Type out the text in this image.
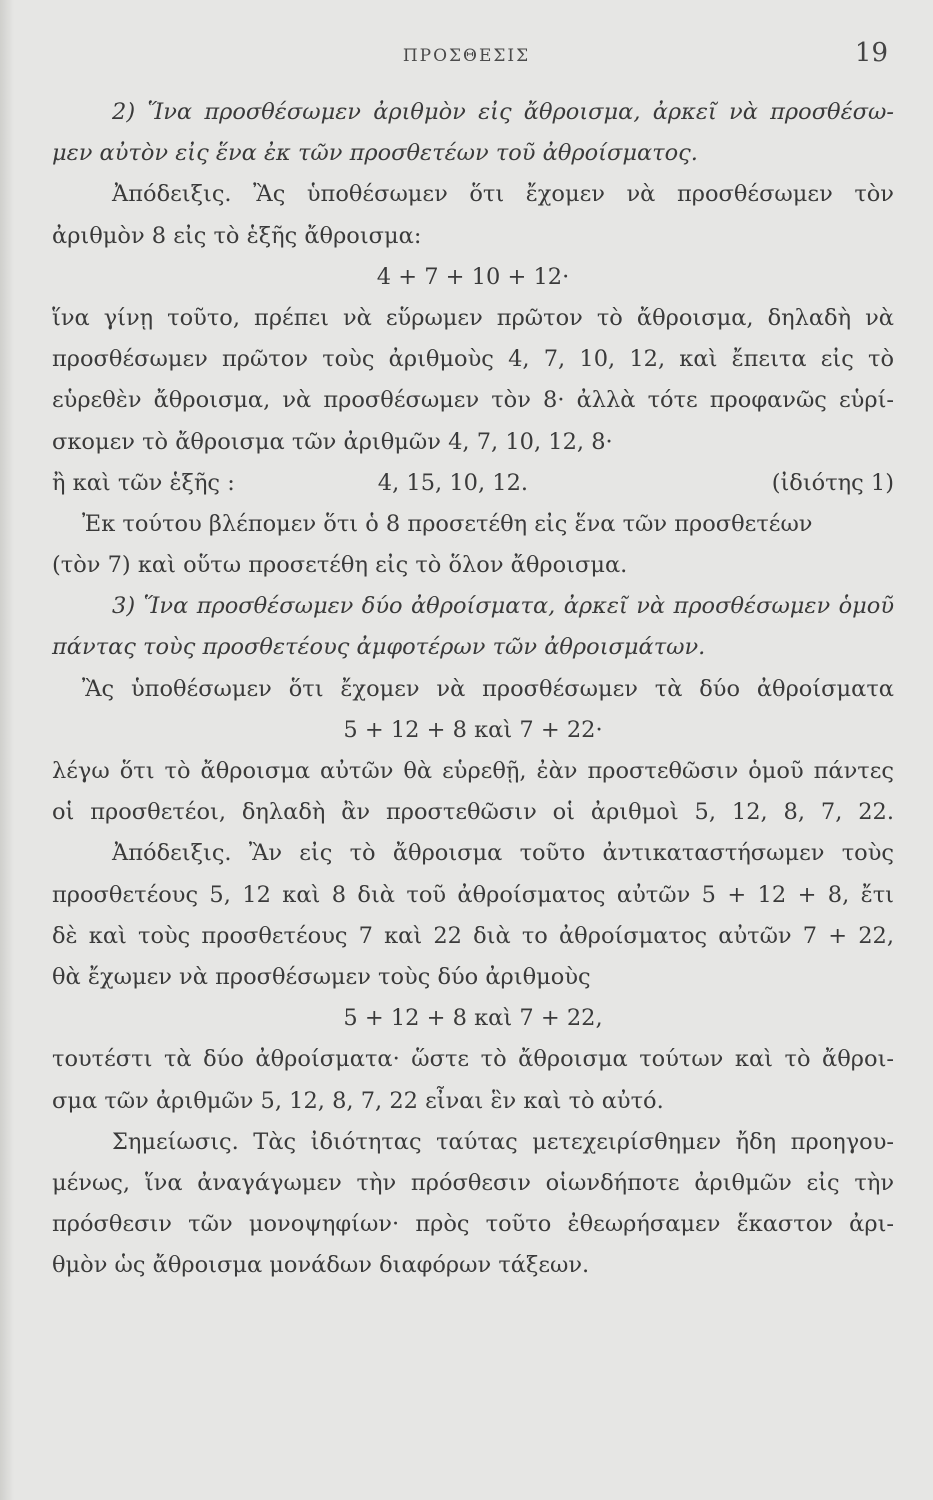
ΠΡΟΣΘΕΣΙΣ	19
2) Ἵνα προσθέσωμεν ἀριθμὸν εἰς ἄθροισμα, ἀρκεῖ νὰ προσθέσω-
μεν αὐτὸν εἰς ἕνα ἐκ τῶν προσθετέων τοῦ ἀθροίσματος.
Ἀπόδειξις. Ἂς ὑποθέσωμεν ὅτι ἔχομεν νὰ προσθέσωμεν τὸν
ἀριθμὸν 8 εἰς τὸ ἑξῆς ἄθροισμα:
4 + 7 + 10 + 12·
ἵνα γίνῃ τοῦτο, πρέπει νὰ εὕρωμεν πρῶτον τὸ ἄθροισμα, δηλαδὴ νὰ
προσθέσωμεν πρῶτον τοὺς ἀριθμοὺς 4, 7, 10, 12, καὶ ἔπειτα εἰς τὸ
εὑρεθὲν ἄθροισμα, νὰ προσθέσωμεν τὸν 8· ἀλλὰ τότε προφανῶς εὑρί-
σκομεν τὸ ἄθροισμα τῶν ἀριθμῶν 4, 7, 10, 12, 8·
(ἰδιότης 1)
ἢ καὶ τῶν ἑξῆς :                    4, 15, 10, 12.
Ἐκ τούτου βλέπομεν ὅτι ὁ 8 προσετέθη εἰς ἕνα τῶν προσθετέων
(τὸν 7) καὶ οὕτω προσετέθη εἰς τὸ ὅλον ἄθροισμα.
3) Ἵνα προσθέσωμεν δύο ἀθροίσματα, ἀρκεῖ νὰ προσθέσωμεν ὁμοῦ
πάντας τοὺς προσθετέους ἀμφοτέρων τῶν ἀθροισμάτων.
Ἂς ὑποθέσωμεν ὅτι ἔχομεν νὰ προσθέσωμεν τὰ δύο ἀθροίσματα
5 + 12 + 8 καὶ 7 + 22·
λέγω ὅτι τὸ ἄθροισμα αὐτῶν θὰ εὑρεθῇ, ἐὰν προστεθῶσιν ὁμοῦ πάντες
οἱ προσθετέοι, δηλαδὴ ἂν προστεθῶσιν οἱ ἀριθμοὶ 5, 12, 8, 7, 22.
Ἀπόδειξις. Ἂν εἰς τὸ ἄθροισμα τοῦτο ἀντικαταστήσωμεν τοὺς
προσθετέους 5, 12 καὶ 8 διὰ τοῦ ἀθροίσματος αὐτῶν 5 + 12 + 8, ἔτι
δὲ καὶ τοὺς προσθετέους 7 καὶ 22 διὰ το ἀθροίσματος αὐτῶν 7 + 22,
θὰ ἔχωμεν νὰ προσθέσωμεν τοὺς δύο ἀριθμοὺς
5 + 12 + 8 καὶ 7 + 22,
τουτέστι τὰ δύο ἀθροίσματα· ὥστε τὸ ἄθροισμα τούτων καὶ τὸ ἄθροι-
σμα τῶν ἀριθμῶν 5, 12, 8, 7, 22 εἶναι ἓν καὶ τὸ αὐτό.
Σημείωσις. Τὰς ἰδιότητας ταύτας μετεχειρίσθημεν ἤδη προηγου-
μένως, ἵνα ἀναγάγωμεν τὴν πρόσθεσιν οἱωνδήποτε ἀριθμῶν εἰς τὴν
πρόσθεσιν τῶν μονοψηφίων· πρὸς τοῦτο ἐθεωρήσαμεν ἕκαστον ἀρι-
θμὸν ὡς ἄθροισμα μονάδων διαφόρων τάξεων.
